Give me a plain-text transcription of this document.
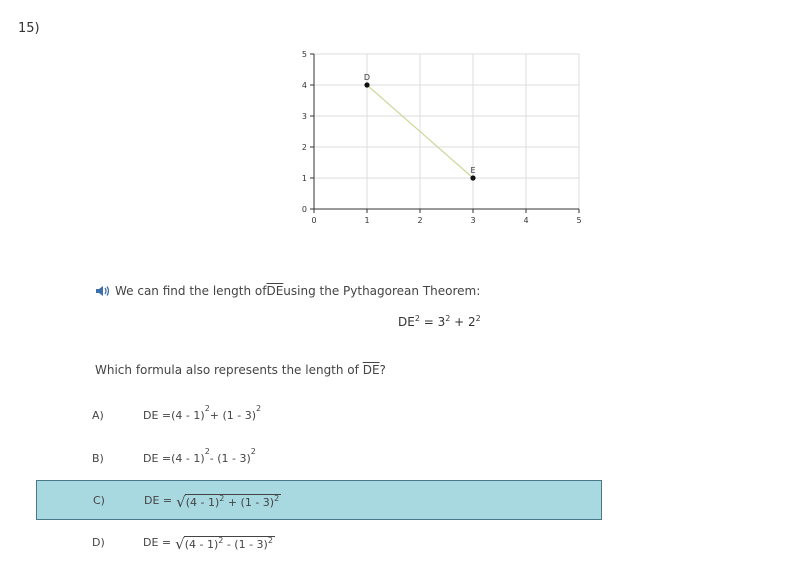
15)
0	1	2	3	4	5
0
1
2
3
4
5
D
E
We can find the length of $\overline{DE}$ using the Pythagorean Theorem:
$DE^2 = 3^2 + 2^2$
Which formula also represents the length of $\overline{DE}$?
A)	DE = (4 - 1)
2
+ (1 - 3)
2
B)	DE = (4 - 1)
2
- (1 - 3)
2
C)	DE = √ (4 - 1)$^2$ + (1 - 3)$^2$
D)	DE = √ (4 - 1)$^2$ - (1 - 3)$^2$
